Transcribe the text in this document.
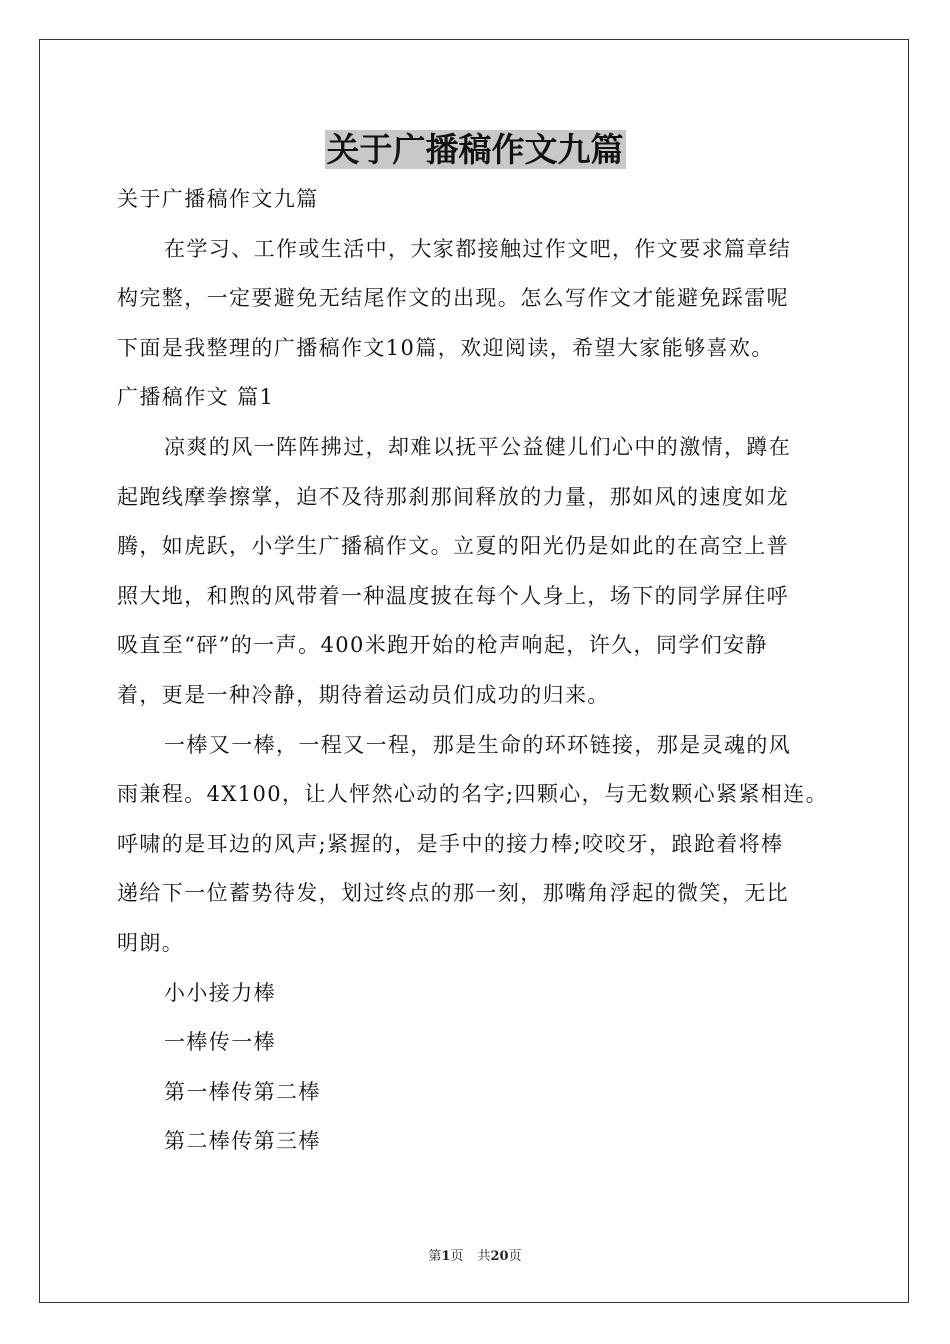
关于广播稿作文九篇
关于广播稿作文九篇
在学习、工作或生活中，大家都接触过作文吧，作文要求篇章结
构完整，一定要避免无结尾作文的出现。怎么写作文才能避免踩雷呢
下面是我整理的广播稿作文10篇，欢迎阅读，希望大家能够喜欢。
广播稿作文 篇1
凉爽的风一阵阵拂过，却难以抚平公益健儿们心中的激情，蹲在
起跑线摩拳擦掌，迫不及待那刹那间释放的力量，那如风的速度如龙
腾，如虎跃，小学生广播稿作文。立夏的阳光仍是如此的在高空上普
照大地，和煦的风带着一种温度披在每个人身上，场下的同学屏住呼
吸直至“砰”的一声。400米跑开始的枪声响起，许久，同学们安静
着，更是一种冷静，期待着运动员们成功的归来。
一棒又一棒，一程又一程，那是生命的环环链接，那是灵魂的风
雨兼程。4X100，让人怦然心动的名字;四颗心，与无数颗心紧紧相连。
呼啸的是耳边的风声;紧握的，是手中的接力棒;咬咬牙，踉跄着将棒
递给下一位蓄势待发，划过终点的那一刻，那嘴角浮起的微笑，无比
明朗。
小小接力棒
一棒传一棒
第一棒传第二棒
第二棒传第三棒
第1页 共20页
